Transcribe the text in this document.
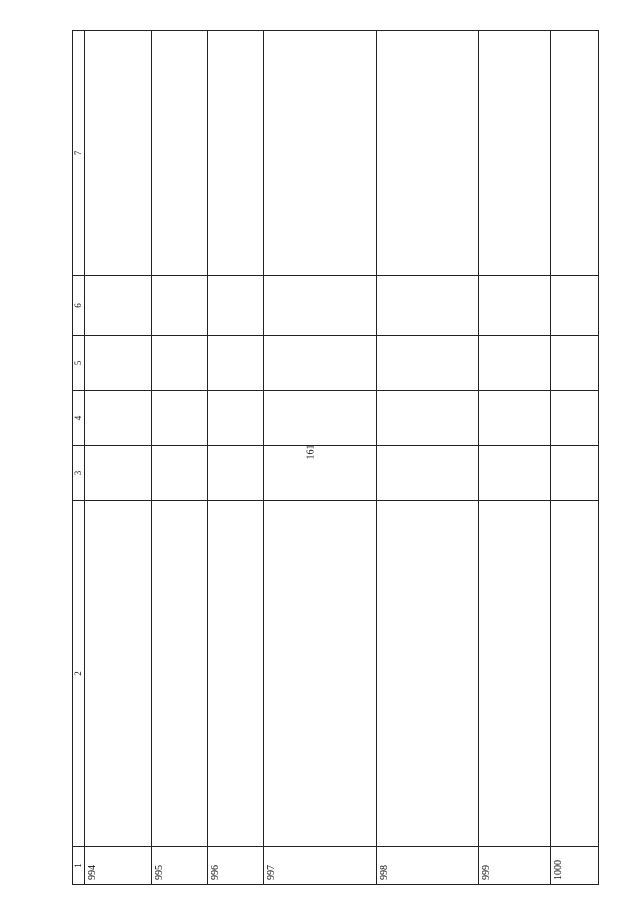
161
1	2	3	4	5	6	7
994						
995						
996						
997						
998						
999						
1000						
